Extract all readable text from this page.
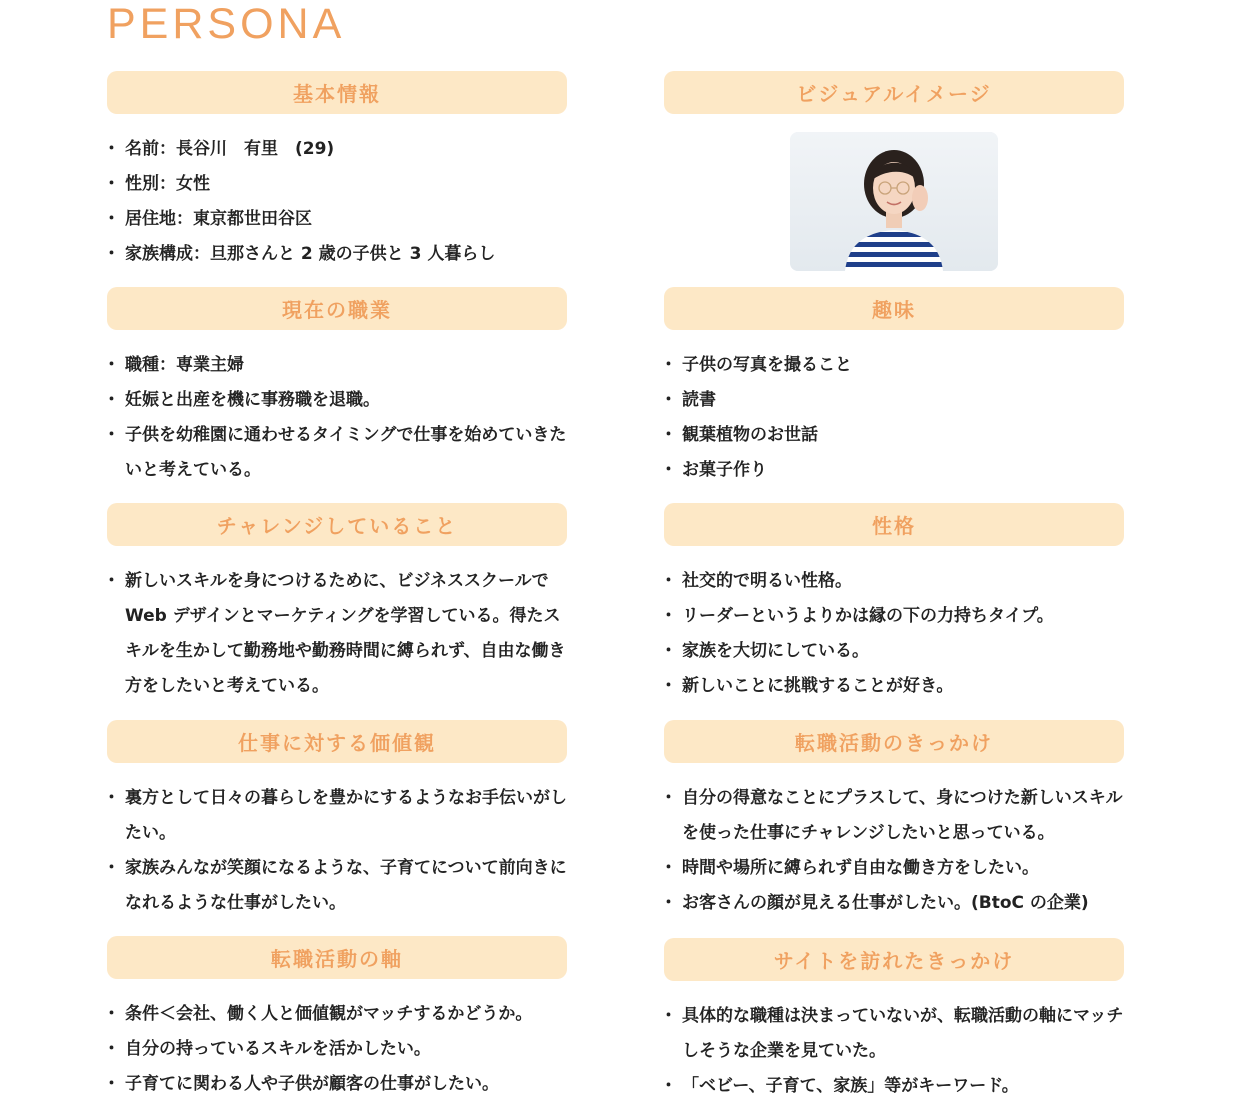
PERSONA
基本情報
・ 名前：長谷川　有里　(29)
・ 性別：女性
・ 居住地：東京都世田谷区
・ 家族構成：旦那さんと 2 歳の子供と 3 人暮らし
現在の職業
・ 職種：専業主婦
・ 妊娠と出産を機に事務職を退職。
・ 子供を幼稚園に通わせるタイミングで仕事を始めていきたいと考えている。
チャレンジしていること
・ 新しいスキルを身につけるために、ビジネススクールで Web デザインとマーケティングを学習している。得たスキルを生かして勤務地や勤務時間に縛られず、自由な働き方をしたいと考えている。
仕事に対する価値観
・ 裏方として日々の暮らしを豊かにするようなお手伝いがしたい。
・ 家族みんなが笑顔になるような、子育てについて前向きになれるような仕事がしたい。
転職活動の軸
・ 条件＜会社、働く人と価値観がマッチするかどうか。
・ 自分の持っているスキルを活かしたい。
・ 子育てに関わる人や子供が顧客の仕事がしたい。
ビジュアルイメージ
趣味
・ 子供の写真を撮ること
・ 読書
・ 観葉植物のお世話
・ お菓子作り
性格
・ 社交的で明るい性格。
・ リーダーというよりかは縁の下の力持ちタイプ。
・ 家族を大切にしている。
・ 新しいことに挑戦することが好き。
転職活動のきっかけ
・ 自分の得意なことにプラスして、身につけた新しいスキルを使った仕事にチャレンジしたいと思っている。
・ 時間や場所に縛られず自由な働き方をしたい。
・ お客さんの顔が見える仕事がしたい。(BtoC の企業)
サイトを訪れたきっかけ
・ 具体的な職種は決まっていないが、転職活動の軸にマッチしそうな企業を見ていた。
・ 「ベビー、子育て、家族」等がキーワード。
